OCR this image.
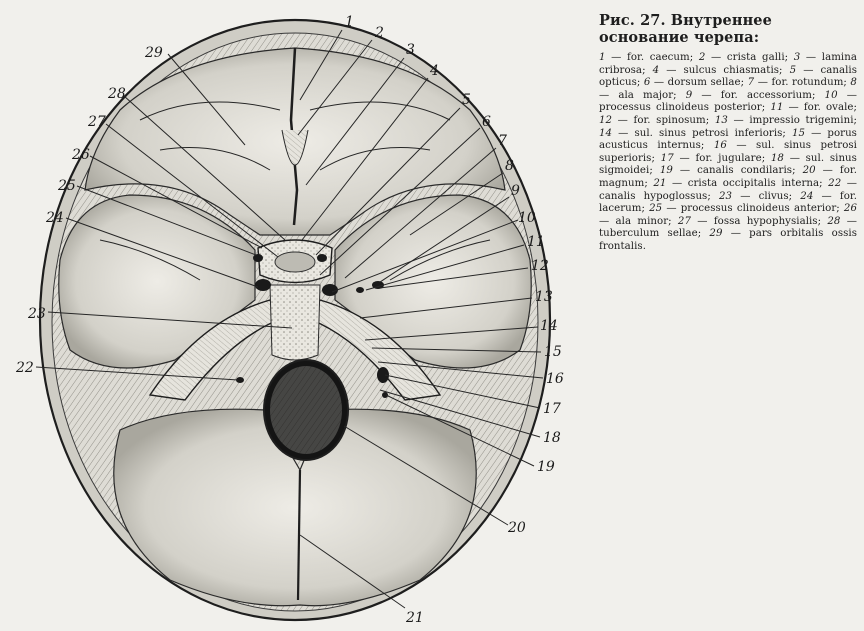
1
2
3
4
5
6
7
8
9
10
11
12
13
14
15
16
17
18
19
20
21
22
23
24
25
26
27
28
29
Рис. 27. Внутреннее основание черепа:

1 — for. caecum; 2 — crista galli; 3 — lamina cribrosa; 4 — sulcus chiasmatis; 5 — canalis opticus; 6 — dorsum sellae; 7 — for. rotundum; 8 — ala major; 9 — for. accessorium; 10 — processus clinoideus posterior; 11 — for. ovale; 12 — for. spinosum; 13 — impressio trigemini; 14 — sul. sinus petrosi inferioris; 15 — porus acusticus internus; 16 — sul. sinus petrosi superioris; 17 — for. jugulare; 18 — sul. sinus sigmoidei; 19 — canalis condilaris; 20 — for. magnum; 21 — crista occipitalis interna; 22 — canalis hypoglossus; 23 — clivus; 24 — for. lacerum; 25 — processus clinoideus anterior; 26 — ala minor; 27 — fossa hypophysialis; 28 — tuberculum sellae; 29 — pars orbitalis ossis frontalis.
